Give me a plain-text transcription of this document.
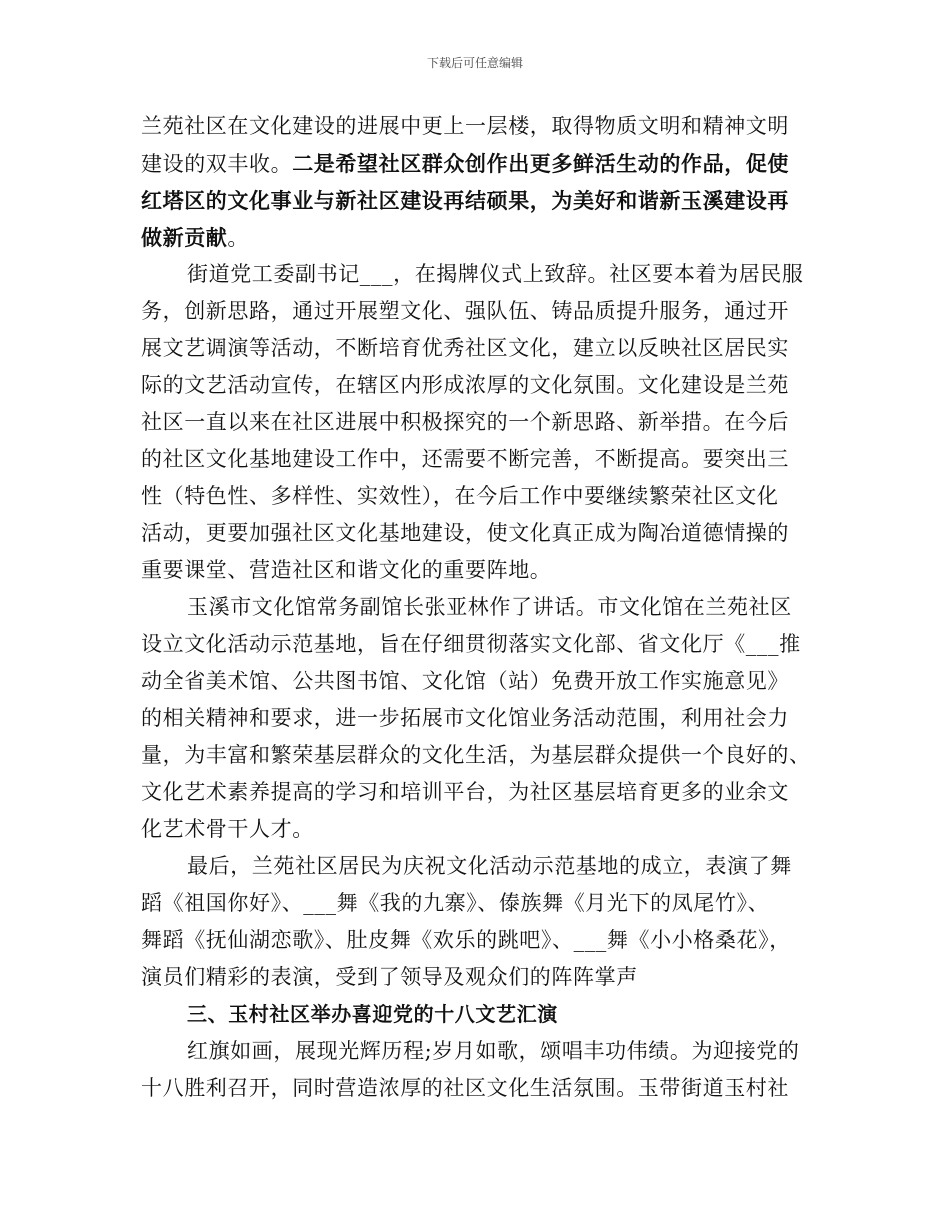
下载后可任意编辑
兰苑社区在文化建设的进展中更上一层楼，取得物质文明和精神文明
建设的双丰收。二是希望社区群众创作出更多鲜活生动的作品，促使
红塔区的文化事业与新社区建设再结硕果，为美好和谐新玉溪建设再
做新贡献。
街道党工委副书记___，在揭牌仪式上致辞。社区要本着为居民服
务，创新思路，通过开展塑文化、强队伍、铸品质提升服务，通过开
展文艺调演等活动，不断培育优秀社区文化，建立以反映社区居民实
际的文艺活动宣传，在辖区内形成浓厚的文化氛围。文化建设是兰苑
社区一直以来在社区进展中积极探究的一个新思路、新举措。在今后
的社区文化基地建设工作中，还需要不断完善，不断提高。要突出三
性（特色性、多样性、实效性），在今后工作中要继续繁荣社区文化
活动，更要加强社区文化基地建设，使文化真正成为陶冶道德情操的
重要课堂、营造社区和谐文化的重要阵地。
玉溪市文化馆常务副馆长张亚林作了讲话。市文化馆在兰苑社区
设立文化活动示范基地，旨在仔细贯彻落实文化部、省文化厅《___推
动全省美术馆、公共图书馆、文化馆（站）免费开放工作实施意见》
的相关精神和要求，进一步拓展市文化馆业务活动范围，利用社会力
量，为丰富和繁荣基层群众的文化生活，为基层群众提供一个良好的、
文化艺术素养提高的学习和培训平台，为社区基层培育更多的业余文
化艺术骨干人才。
最后，兰苑社区居民为庆祝文化活动示范基地的成立，表演了舞
蹈《祖国你好》、___舞《我的九寨》、傣族舞《月光下的凤尾竹》、
舞蹈《抚仙湖恋歌》、肚皮舞《欢乐的跳吧》、___舞《小小格桑花》，
演员们精彩的表演，受到了领导及观众们的阵阵掌声
三、玉村社区举办喜迎党的十八文艺汇演
红旗如画，展现光辉历程;岁月如歌，颂唱丰功伟绩。为迎接党的
十八胜利召开，同时营造浓厚的社区文化生活氛围。玉带街道玉村社
